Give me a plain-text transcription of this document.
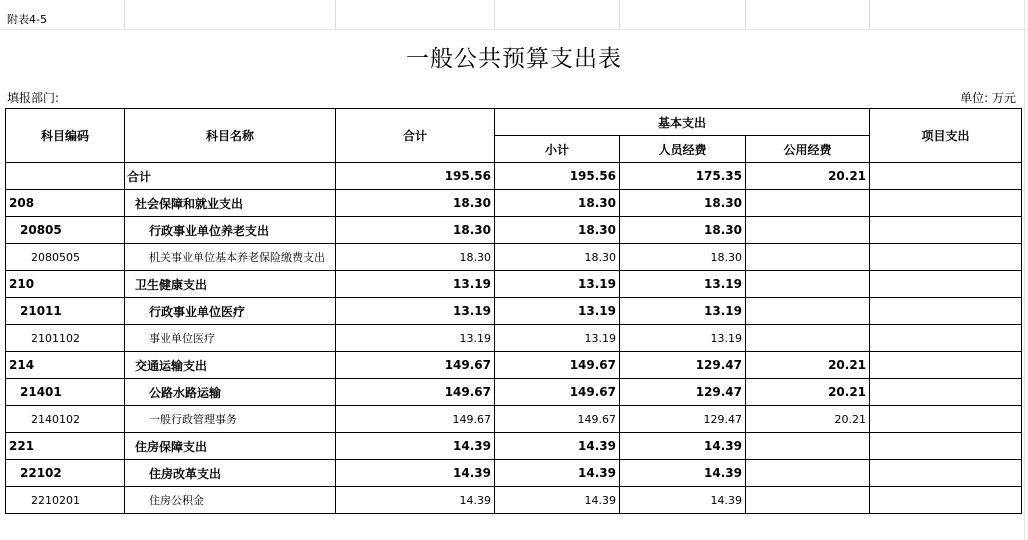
附表4-5
一般公共预算支出表
填报部门:	单位: 万元
科目编码	科目名称	合计	基本支出			项目支出
			小计	人员经费	公用经费	
	合计	195.56	195.56	175.35	20.21	
208	社会保障和就业支出	18.30	18.30	18.30		
20805	行政事业单位养老支出	18.30	18.30	18.30		
2080505	机关事业单位基本养老保险缴费支出	18.30	18.30	18.30		
210	卫生健康支出	13.19	13.19	13.19		
21011	行政事业单位医疗	13.19	13.19	13.19		
2101102	事业单位医疗	13.19	13.19	13.19		
214	交通运输支出	149.67	149.67	129.47	20.21	
21401	公路水路运输	149.67	149.67	129.47	20.21	
2140102	一般行政管理事务	149.67	149.67	129.47	20.21	
221	住房保障支出	14.39	14.39	14.39		
22102	住房改革支出	14.39	14.39	14.39		
2210201	住房公积金	14.39	14.39	14.39		
